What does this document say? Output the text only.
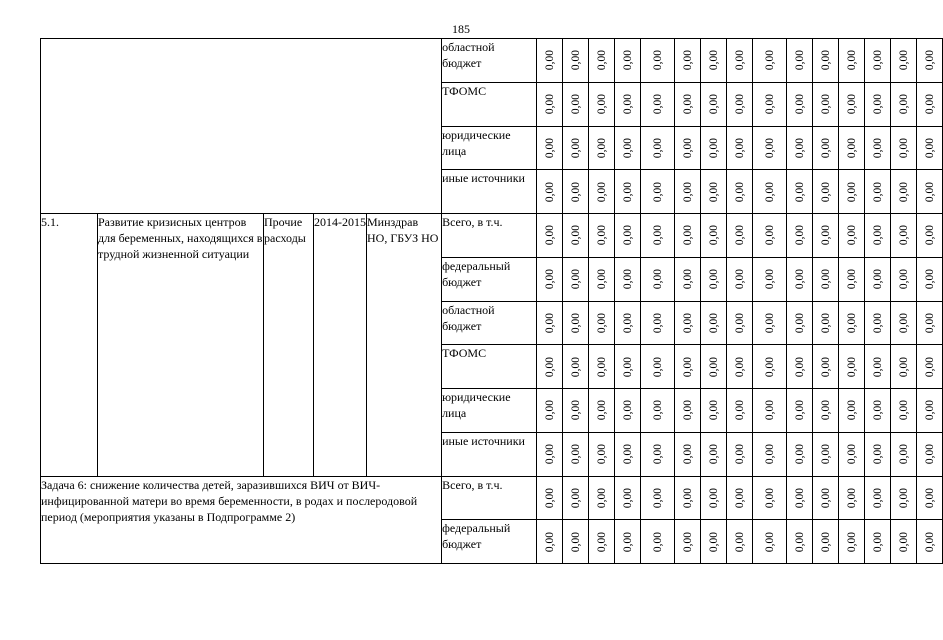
185
					областной бюджет	0,00	0,00	0,00	0,00	0,00	0,00	0,00	0,00	0,00	0,00	0,00	0,00	0,00	0,00	0,00

					ТФОМС	0,00	0,00	0,00	0,00	0,00	0,00	0,00	0,00	0,00	0,00	0,00	0,00	0,00	0,00	0,00

					юридические лица	0,00	0,00	0,00	0,00	0,00	0,00	0,00	0,00	0,00	0,00	0,00	0,00	0,00	0,00	0,00

					иные источники	0,00	0,00	0,00	0,00	0,00	0,00	0,00	0,00	0,00	0,00	0,00	0,00	0,00	0,00	0,00

5.1.	Развитие кризисных центров для беременных, находящихся в трудной жизненной ситуации	Прочие расходы	2014-2015	Минздрав НО, ГБУЗ НО	Всего, в т.ч.	0,00	0,00	0,00	0,00	0,00	0,00	0,00	0,00	0,00	0,00	0,00	0,00	0,00	0,00	0,00

					федеральный бюджет	0,00	0,00	0,00	0,00	0,00	0,00	0,00	0,00	0,00	0,00	0,00	0,00	0,00	0,00	0,00

					областной бюджет	0,00	0,00	0,00	0,00	0,00	0,00	0,00	0,00	0,00	0,00	0,00	0,00	0,00	0,00	0,00

					ТФОМС	0,00	0,00	0,00	0,00	0,00	0,00	0,00	0,00	0,00	0,00	0,00	0,00	0,00	0,00	0,00

					юридические лица	0,00	0,00	0,00	0,00	0,00	0,00	0,00	0,00	0,00	0,00	0,00	0,00	0,00	0,00	0,00

					иные источники	0,00	0,00	0,00	0,00	0,00	0,00	0,00	0,00	0,00	0,00	0,00	0,00	0,00	0,00	0,00

Задача 6: снижение количества детей, заразившихся ВИЧ от ВИЧ-инфицированной матери во время беременности, в родах и послеродовой период (мероприятия указаны в Подпрограмме 2)					Всего, в т.ч.	0,00	0,00	0,00	0,00	0,00	0,00	0,00	0,00	0,00	0,00	0,00	0,00	0,00	0,00	0,00

					федеральный бюджет	0,00	0,00	0,00	0,00	0,00	0,00	0,00	0,00	0,00	0,00	0,00	0,00	0,00	0,00	0,00
